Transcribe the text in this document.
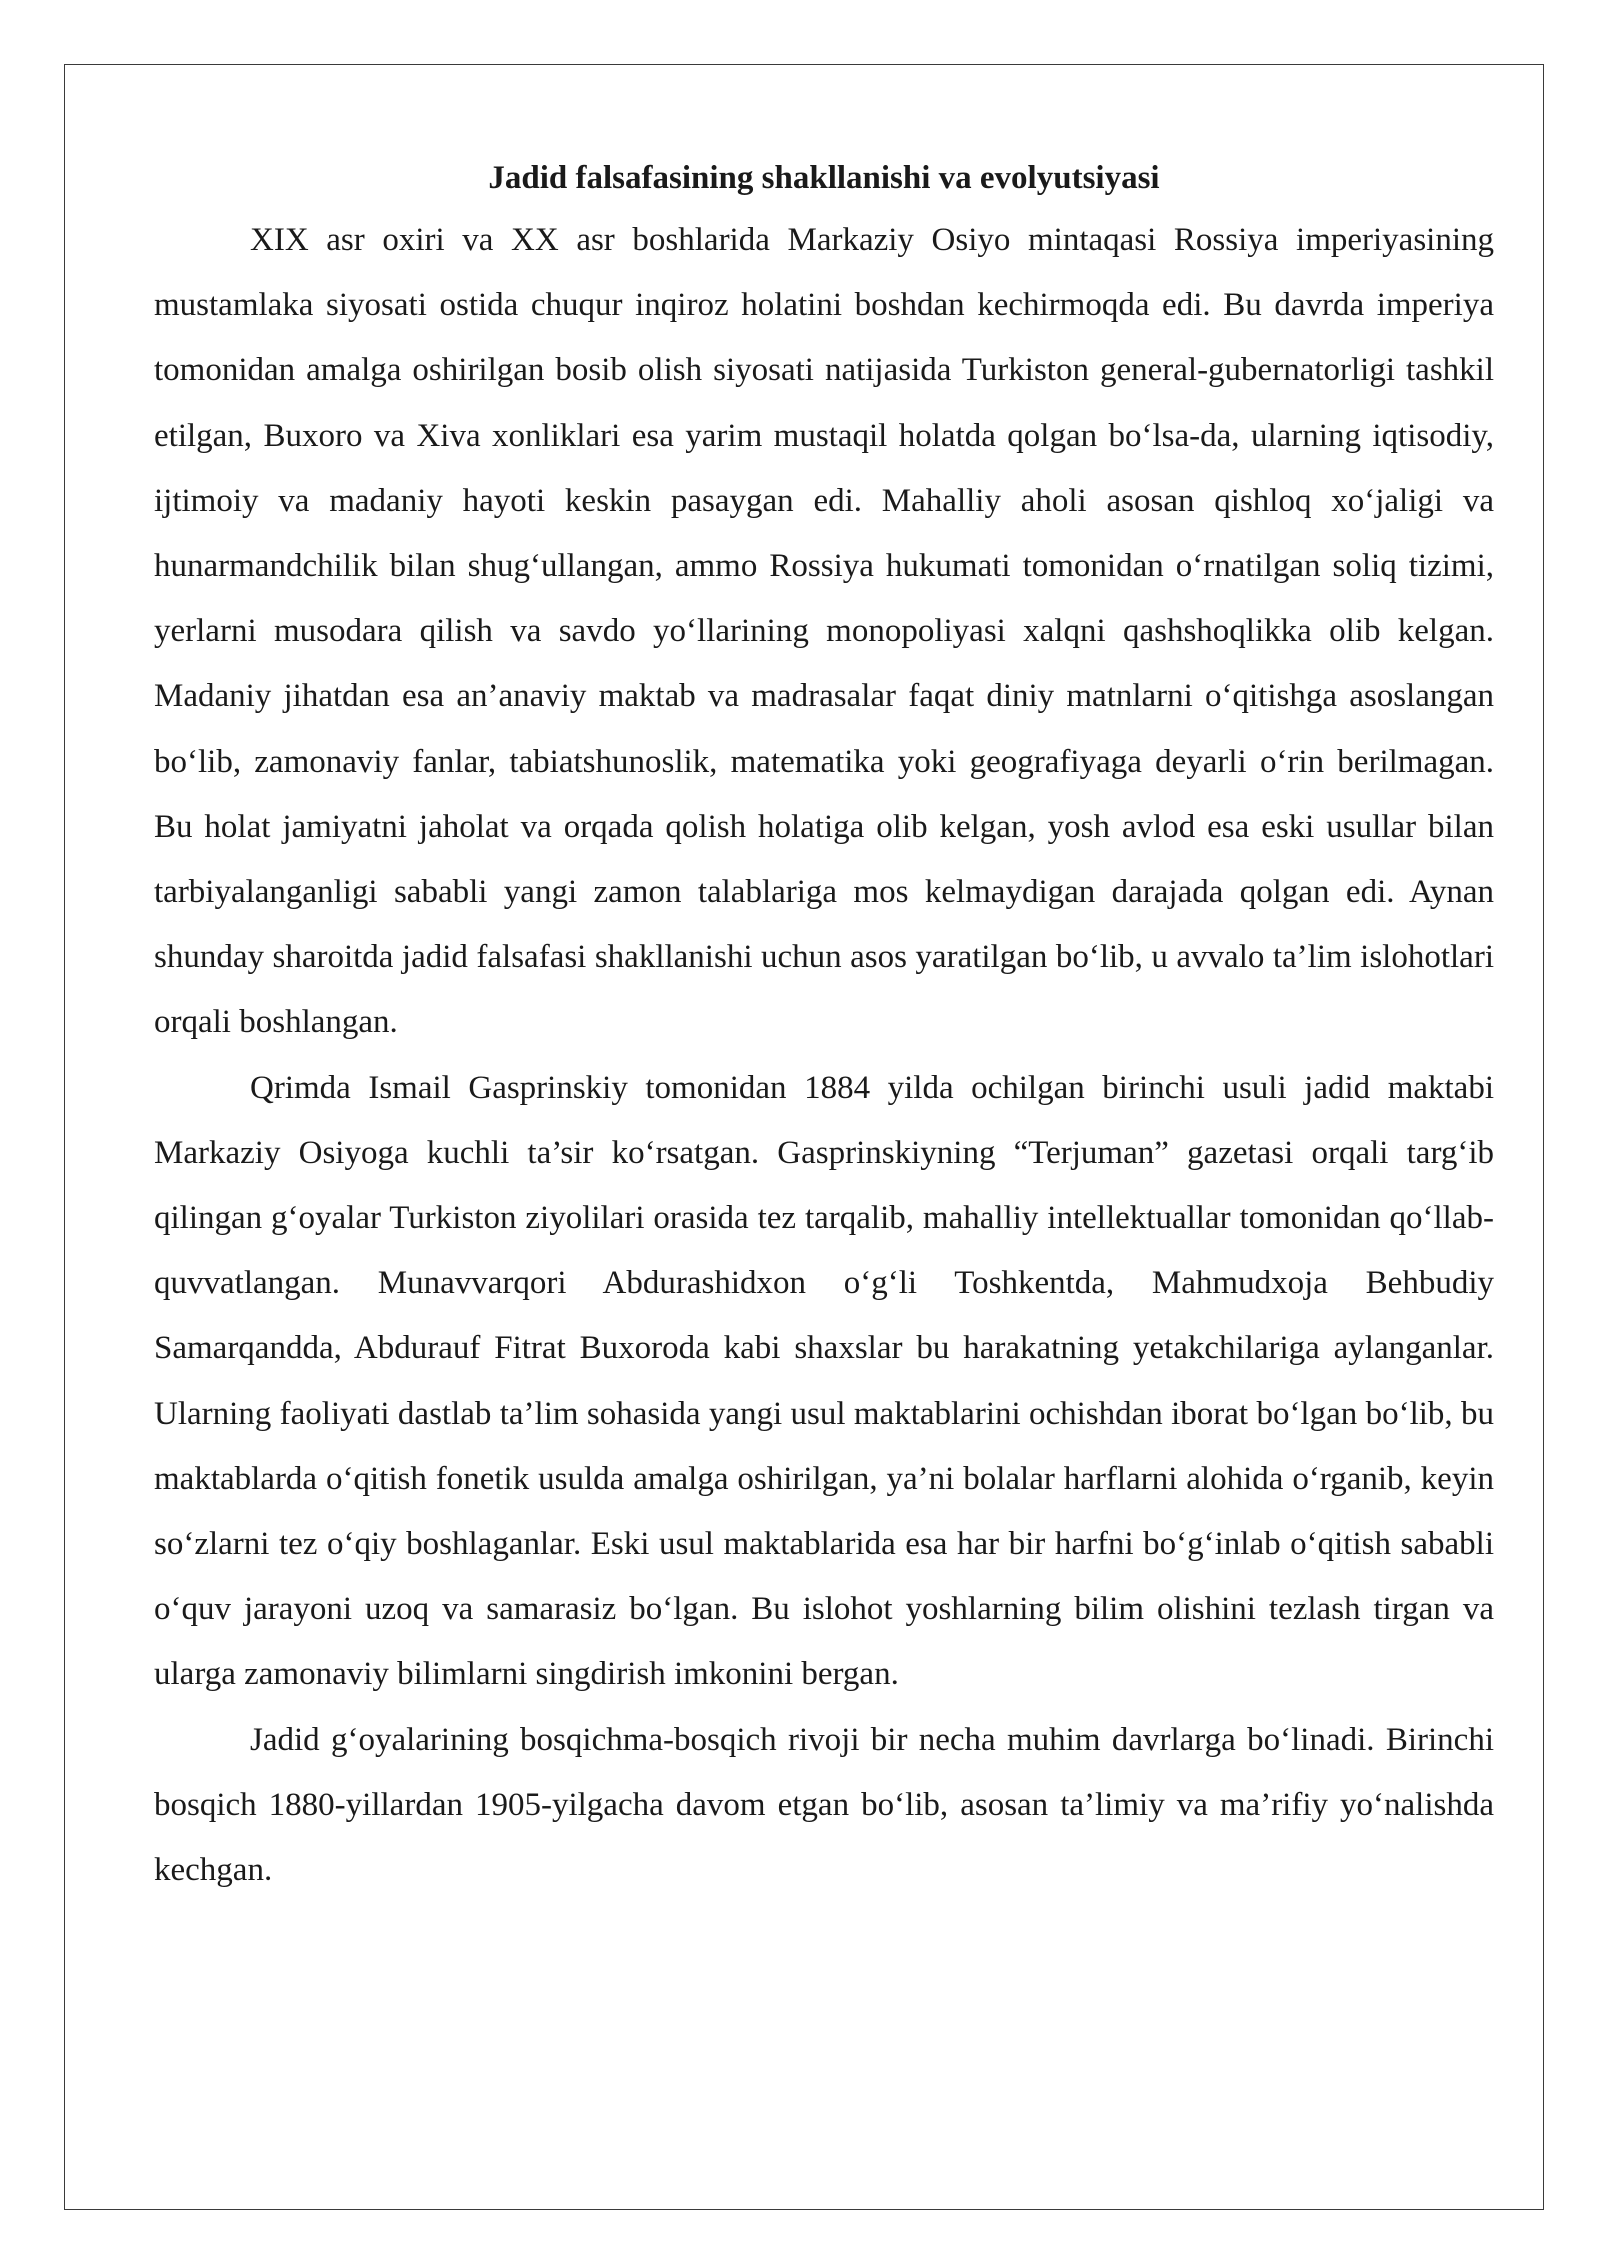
Jadid falsafasining shakllanishi va evolyutsiyasi

XIX asr oxiri va XX asr boshlarida Markaziy Osiyo mintaqasi Rossiya imperiyasining mustamlaka siyosati ostida chuqur inqiroz holatini boshdan kechirmoqda edi. Bu davrda imperiya tomonidan amalga oshirilgan bosib olish siyosati natijasida Turkiston general-gubernatorligi tashkil etilgan, Buxoro va Xiva xonliklari esa yarim mustaqil holatda qolgan boʻlsa-da, ularning iqtisodiy, ijtimoiy va madaniy hayoti keskin pasaygan edi. Mahalliy aholi asosan qishloq xoʻjaligi va hunarmandchilik bilan shugʻullangan, ammo Rossiya hukumati tomonidan oʻrnatilgan soliq tizimi, yerlarni musodara qilish va savdo yoʻllarining monopoliyasi xalqni qashshoqlikka olib kelgan. Madaniy jihatdan esa an’anaviy maktab va madrasalar faqat diniy matnlarni oʻqitishga asoslangan boʻlib, zamonaviy fanlar, tabiatshunoslik, matematika yoki geografiyaga deyarli oʻrin berilmagan. Bu holat jamiyatni jaholat va orqada qolish holatiga olib kelgan, yosh avlod esa eski usullar bilan tarbiyalanganligi sababli yangi zamon talablariga mos kelmaydigan darajada qolgan edi. Aynan shunday sharoitda jadid falsafasi shakllanishi uchun asos yaratilgan boʻlib, u avvalo ta’lim islohotlari orqali boshlangan.

Qrimda Ismail Gasprinskiy tomonidan 1884 yilda ochilgan birinchi usuli jadid maktabi Markaziy Osiyoga kuchli ta’sir koʻrsatgan. Gasprinskiyning “Terjuman” gazetasi orqali targʻib qilingan gʻoyalar Turkiston ziyolilari orasida tez tarqalib, mahalliy intellektuallar tomonidan qoʻllab-quvvatlangan. Munavvarqori Abdurashidxon oʻgʻli Toshkentda, Mahmudxoja Behbudiy Samarqandda, Abdurauf Fitrat Buxoroda kabi shaxslar bu harakatning yetakchilariga aylanganlar. Ularning faoliyati dastlab ta’lim sohasida yangi usul maktablarini ochishdan iborat boʻlgan boʻlib, bu maktablarda oʻqitish fonetik usulda amalga oshirilgan, ya’ni bolalar harflarni alohida oʻrganib, keyin soʻzlarni tez oʻqiy boshlaganlar. Eski usul maktablarida esa har bir harfni boʻgʻinlab oʻqitish sababli oʻquv jarayoni uzoq va samarasiz boʻlgan. Bu islohot yoshlarning bilim olishini tezlash tirgan va ularga zamonaviy bilimlarni singdirish imkonini bergan.

Jadid gʻoyalarining bosqichma-bosqich rivoji bir necha muhim davrlarga boʻlinadi. Birinchi bosqich 1880-yillardan 1905-yilgacha davom etgan boʻlib, asosan ta’limiy va ma’rifiy yoʻnalishda kechgan.
